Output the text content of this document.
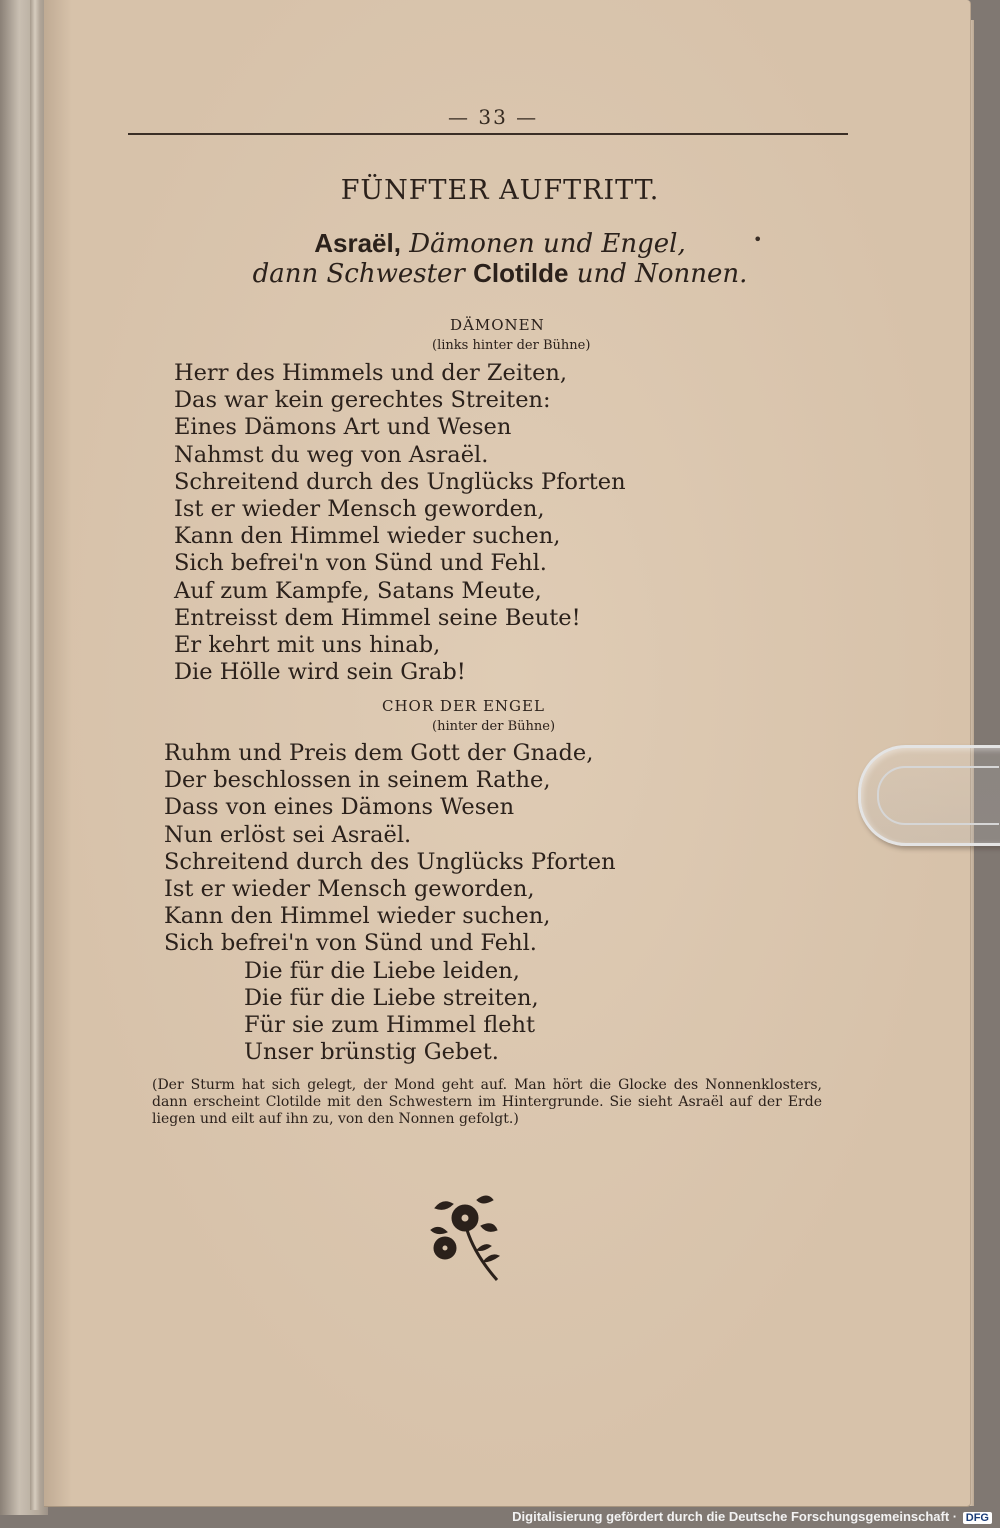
— 33 —
FÜNFTER AUFTRITT.
Asraël, Dämonen und Engel,
dann Schwester Clotilde und Nonnen.
DÄMONEN
(links hinter der Bühne)
Herr des Himmels und der Zeiten,
Das war kein gerechtes Streiten:
Eines Dämons Art und Wesen
Nahmst du weg von Asraël.
Schreitend durch des Unglücks Pforten
Ist er wieder Mensch geworden,
Kann den Himmel wieder suchen,
Sich befrei'n von Sünd und Fehl.
Auf zum Kampfe, Satans Meute,
Entreisst dem Himmel seine Beute!
Er kehrt mit uns hinab,
Die Hölle wird sein Grab!
CHOR DER ENGEL
(hinter der Bühne)
Ruhm und Preis dem Gott der Gnade,
Der beschlossen in seinem Rathe,
Dass von eines Dämons Wesen
Nun erlöst sei Asraël.
Schreitend durch des Unglücks Pforten
Ist er wieder Mensch geworden,
Kann den Himmel wieder suchen,
Sich befrei'n von Sünd und Fehl.
Die für die Liebe leiden,
Die für die Liebe streiten,
Für sie zum Himmel fleht
Unser brünstig Gebet.
(Der Sturm hat sich gelegt, der Mond geht auf. Man hört die Glocke des Nonnenklosters, dann erscheint Clotilde mit den Schwestern im Hintergrunde. Sie sieht Asraël auf der Erde liegen und eilt auf ihn zu, von den Nonnen gefolgt.)
•
Digitalisierung gefördert durch die Deutsche Forschungsgemeinschaft · DFG
